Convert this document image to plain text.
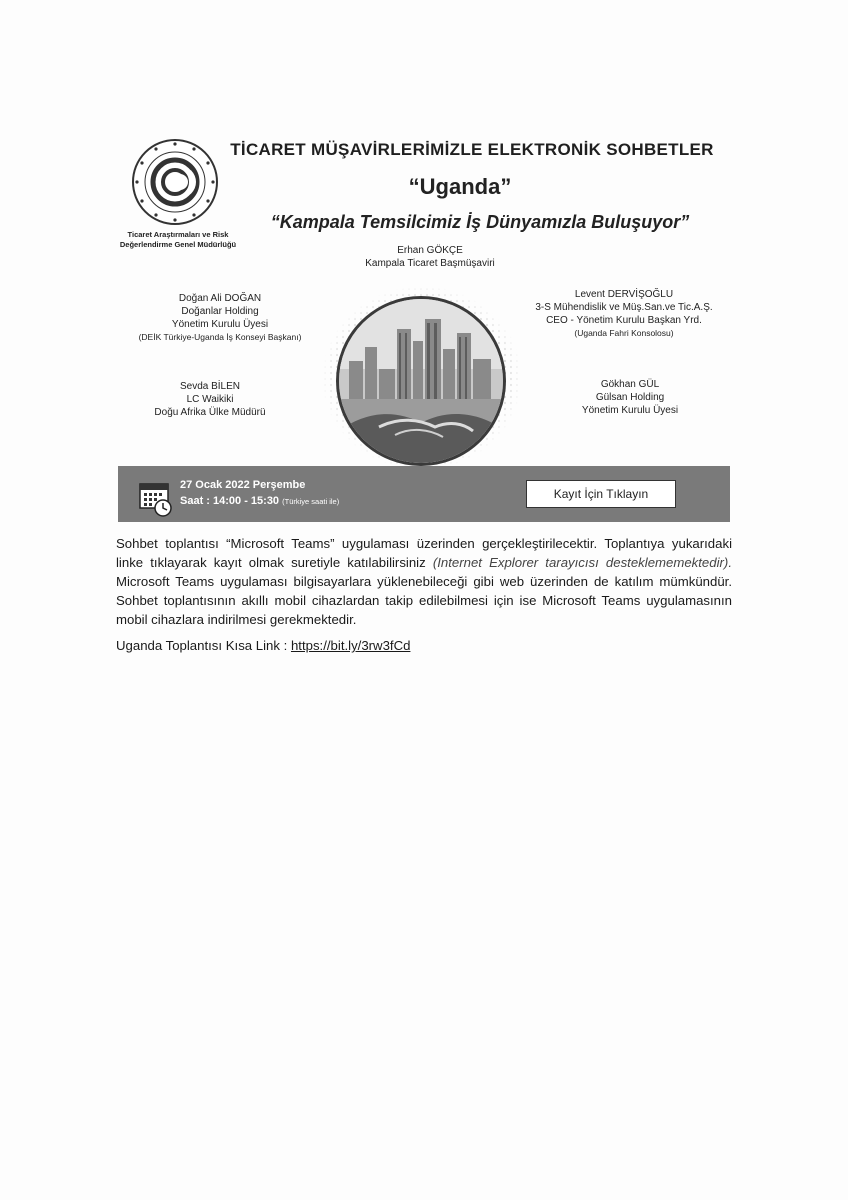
Ticaret Araştırmaları ve Risk
Değerlendirme Genel Müdürlüğü
TİCARET MÜŞAVİRLERİMİZLE ELEKTRONİK SOHBETLER
“Uganda”
“Kampala Temsilcimiz İş Dünyamızla Buluşuyor”
Erhan GÖKÇE
Kampala Ticaret Başmüşaviri
Doğan Ali DOĞAN
Doğanlar Holding
Yönetim Kurulu Üyesi
(DEİK Türkiye-Uganda İş Konseyi Başkanı)
Sevda BİLEN
LC Waikiki
Doğu Afrika Ülke Müdürü
Levent DERVİŞOĞLU
3-S Mühendislik ve Müş.San.ve Tic.A.Ş.
CEO - Yönetim Kurulu Başkan Yrd.
(Uganda Fahri Konsolosu)
Gökhan GÜL
Gülsan Holding
Yönetim Kurulu Üyesi
27 Ocak 2022 Perşembe
Saat : 14:00 - 15:30 (Türkiye saati ile)
Kayıt İçin Tıklayın
Sohbet toplantısı “Microsoft Teams” uygulaması üzerinden gerçekleştirilecektir. Toplantıya yukarıdaki linke tıklayarak kayıt olmak suretiyle katılabilirsiniz (Internet Explorer tarayıcısı desteklememektedir). Microsoft Teams uygulaması bilgisayarlara yüklenebileceği gibi web üzerinden de katılım mümkündür. Sohbet toplantısının akıllı mobil cihazlardan takip edilebilmesi için ise Microsoft Teams uygulamasının mobil cihazlara indirilmesi gerekmektedir.
Uganda Toplantısı Kısa Link : https://bit.ly/3rw3fCd
